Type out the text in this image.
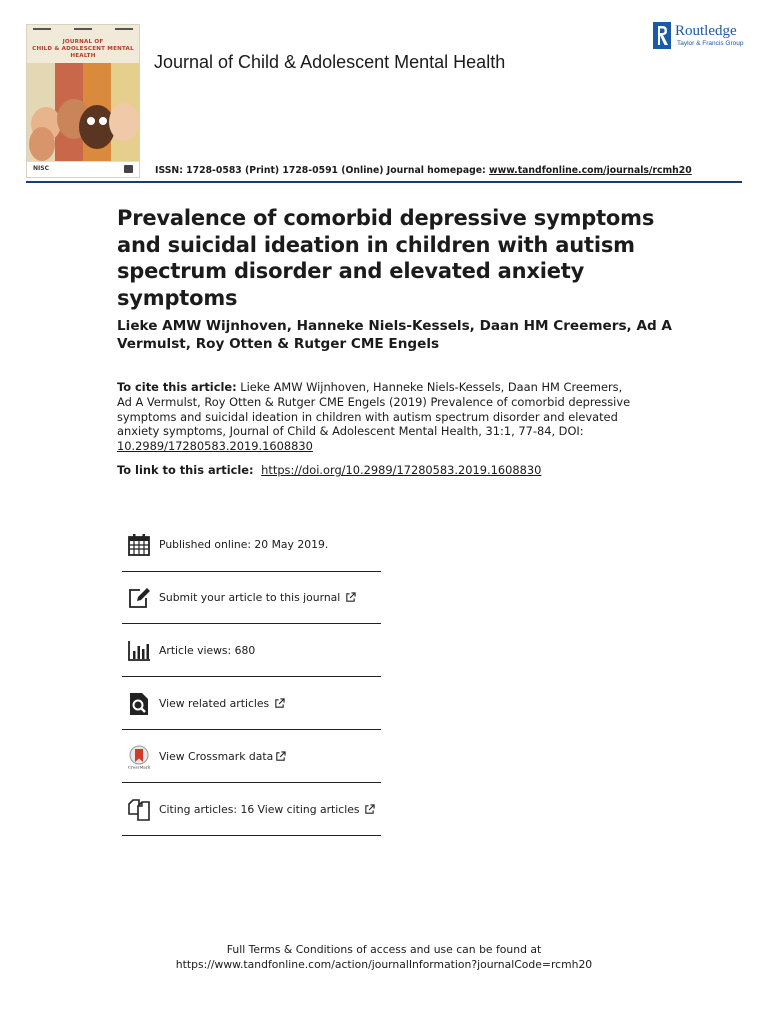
JOURNAL OF
CHILD & ADOLESCENT MENTAL HEALTH
NISC
Journal of Child & Adolescent Mental Health
Routledge
Taylor & Francis Group
ISSN: 1728-0583 (Print) 1728-0591 (Online) Journal homepage: www.tandfonline.com/journals/rcmh20
Prevalence of comorbid depressive symptoms and suicidal ideation in children with autism spectrum disorder and elevated anxiety symptoms
Lieke AMW Wijnhoven, Hanneke Niels-Kessels, Daan HM Creemers, Ad A Vermulst, Roy Otten & Rutger CME Engels
To cite this article: Lieke AMW Wijnhoven, Hanneke Niels-Kessels, Daan HM Creemers, Ad A Vermulst, Roy Otten & Rutger CME Engels (2019) Prevalence of comorbid depressive symptoms and suicidal ideation in children with autism spectrum disorder and elevated anxiety symptoms, Journal of Child & Adolescent Mental Health, 31:1, 77-84, DOI: 10.2989/17280583.2019.1608830
To link to this article: https://doi.org/10.2989/17280583.2019.1608830
Published online: 20 May 2019.
Submit your article to this journal
Article views: 680
View related articles
CrossMark
View Crossmark data
Citing articles: 16 View citing articles
Full Terms & Conditions of access and use can be found at
https://www.tandfonline.com/action/journalInformation?journalCode=rcmh20
